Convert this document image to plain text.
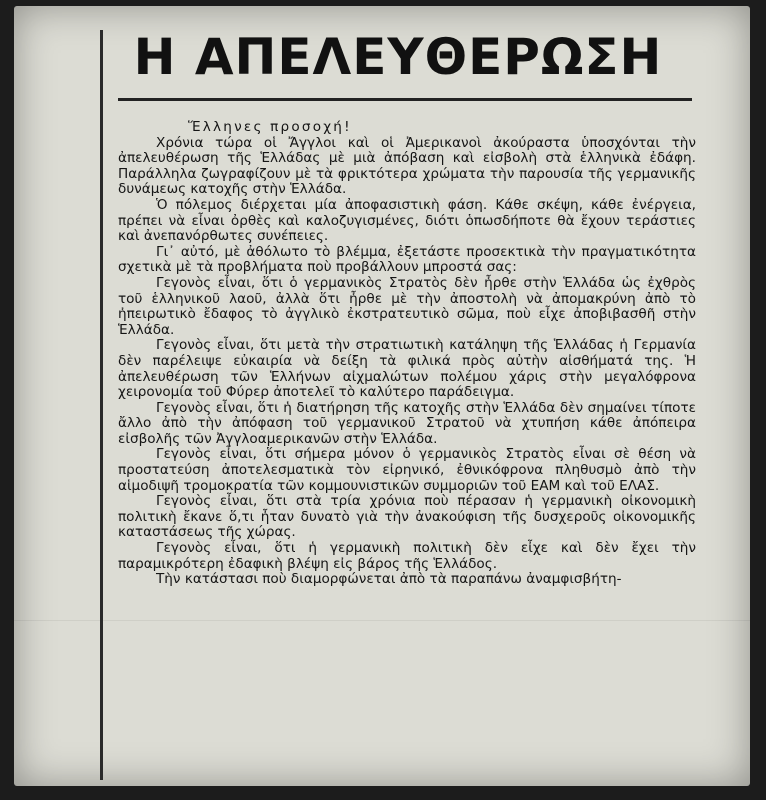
Η ΑΠΕΛΕΥΘΕΡΩΣΗ

Ἕλληνες προσοχή!

Χρόνια τώρα οἱ Ἄγγλοι καὶ οἱ Ἀμερικανοὶ ἀκούραστα ὑποσχόνται τὴν ἀπελευθέρωση τῆς Ἑλλάδας μὲ μιὰ ἀπόβαση καὶ εἰσβολὴ στὰ ἑλληνικὰ ἐδάφη. Παράλληλα ζωγραφίζουν μὲ τὰ φρικτότερα χρώματα τὴν παρουσία τῆς γερμανικῆς δυνάμεως κατοχῆς στὴν Ἑλλάδα.

Ὁ πόλεμος διέρχεται μία ἀποφασιστικὴ φάση. Κάθε σκέψη, κάθε ἐνέργεια, πρέπει νὰ εἶναι ὀρθὲς καὶ καλοζυγισμένες, διότι ὁπωσδήποτε θὰ ἔχουν τεράστιες καὶ ἀνεπανόρθωτες συνέπειες.

Γι᾽ αὐτό, μὲ ἀθόλωτο τὸ βλέμμα, ἐξετάστε προσεκτικὰ τὴν πραγματικότητα σχετικὰ μὲ τὰ προβλήματα ποὺ προβάλλουν μπροστά σας:

Γεγονὸς εἶναι, ὅτι ὁ γερμανικὸς Στρατὸς δὲν ἦρθε στὴν Ἑλλάδα ὡς ἐχθρὸς τοῦ ἑλληνικοῦ λαοῦ, ἀλλὰ ὅτι ἦρθε μὲ τὴν ἀποστολὴ νὰ ἀπομακρύνη ἀπὸ τὸ ἠπειρωτικὸ ἔδαφος τὸ ἀγγλικὸ ἐκστρατευτικὸ σῶμα, ποὺ εἶχε ἀποβιβασθῆ στὴν Ἑλλάδα.

Γεγονὸς εἶναι, ὅτι μετὰ τὴν στρατιωτικὴ κατάληψη τῆς Ἑλλάδας ἡ Γερμανία δὲν παρέλειψε εὐκαιρία νὰ δείξη τὰ φιλικά πρὸς αὐτὴν αἰσθήματά της. Ἡ ἀπελευθέρωση τῶν Ἑλλήνων αἰχμαλώτων πολέμου χάρις στὴν μεγαλόφρονα χειρονομία τοῦ Φύρερ ἀποτελεῖ τὸ καλύτερο παράδειγμα.

Γεγονὸς εἶναι, ὅτι ἡ διατήρηση τῆς κατοχῆς στὴν Ἑλλάδα δὲν σημαίνει τίποτε ἄλλο ἀπὸ τὴν ἀπόφαση τοῦ γερμανικοῦ Στρατοῦ νὰ χτυπήση κάθε ἀπόπειρα εἰσβολῆς τῶν Ἀγγλοαμερικανῶν στὴν Ἑλλάδα.

Γεγονὸς εἶναι, ὅτι σήμερα μόνον ὁ γερμανικὸς Στρατὸς εἶναι σὲ θέση νὰ προστατεύση ἀποτελεσματικὰ τὸν εἰρηνικό, ἐθνικόφρονα πληθυσμὸ ἀπὸ τὴν αἱμοδιψῆ τρομοκρατία τῶν κομμουνιστικῶν συμμοριῶν τοῦ ΕΑΜ καὶ τοῦ ΕΛΑΣ.

Γεγονὸς εἶναι, ὅτι στὰ τρία χρόνια ποὺ πέρασαν ἡ γερμανικὴ οἰκονομικὴ πολιτικὴ ἔκανε ὅ,τι ἦταν δυνατὸ γιὰ τὴν ἀνακούφιση τῆς δυσχεροῦς οἰκονομικῆς καταστάσεως τῆς χώρας.

Γεγονὸς εἶναι, ὅτι ἡ γερμανικὴ πολιτικὴ δὲν εἶχε καὶ δὲν ἔχει τὴν παραμικρότερη ἐδαφικὴ βλέψη εἰς βάρος τῆς Ἑλλάδος.

Τὴν κατάστασι ποὺ διαμορφώνεται ἀπὸ τὰ παραπάνω ἀναμφισβήτη-
